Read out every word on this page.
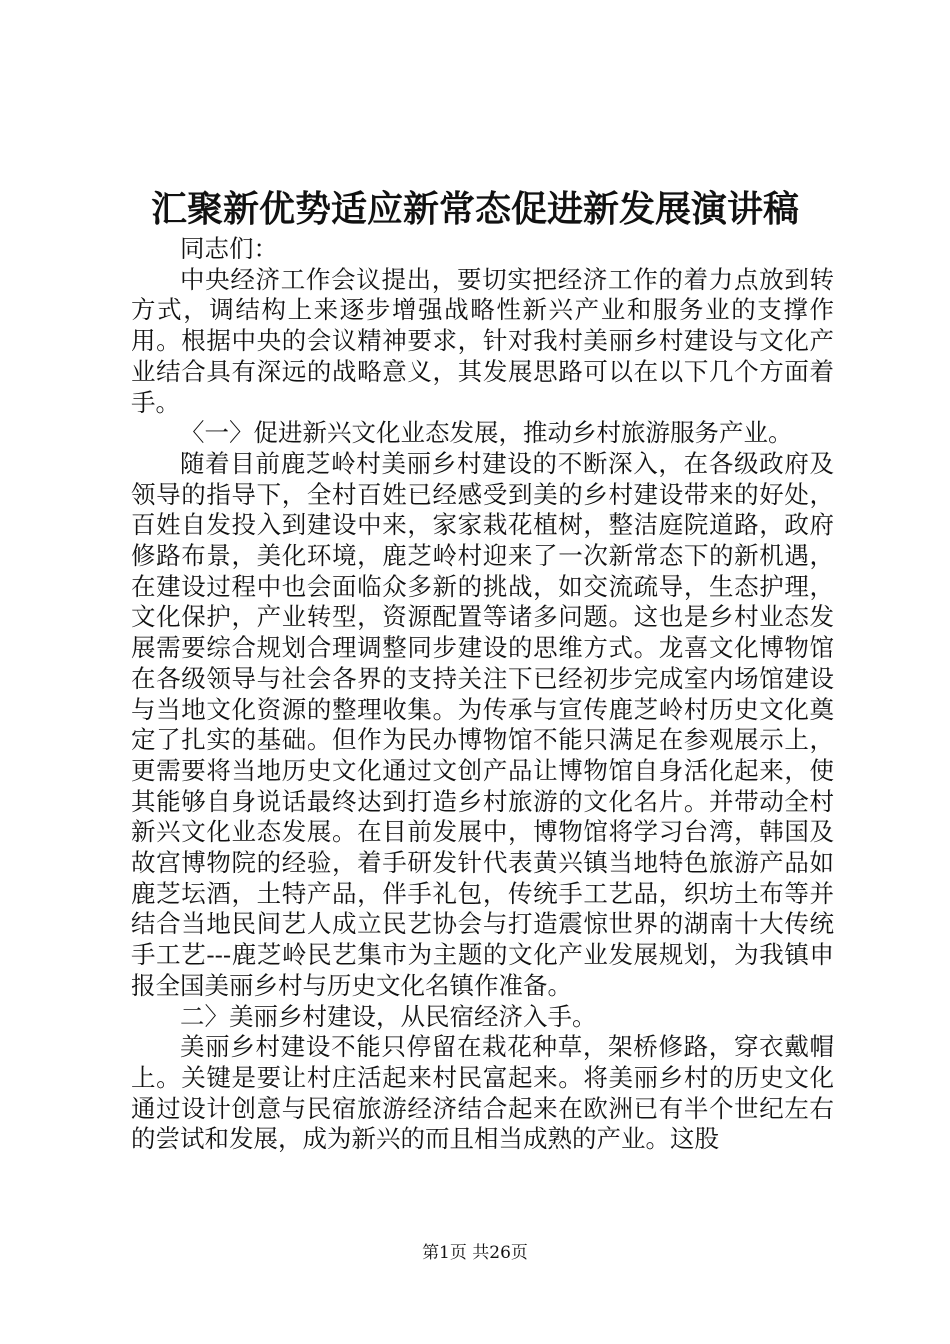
汇聚新优势适应新常态促进新发展演讲稿

同志们：

中央经济工作会议提出，要切实把经济工作的着力点放到转方式，调结构上来逐步增强战略性新兴产业和服务业的支撑作用。根据中央的会议精神要求，针对我村美丽乡村建设与文化产业结合具有深远的战略意义，其发展思路可以在以下几个方面着手。

〈一〉促进新兴文化业态发展，推动乡村旅游服务产业。

随着目前鹿芝岭村美丽乡村建设的不断深入，在各级政府及领导的指导下，全村百姓已经感受到美的乡村建设带来的好处，百姓自发投入到建设中来，家家栽花植树，整洁庭院道路，政府修路布景，美化环境，鹿芝岭村迎来了一次新常态下的新机遇，在建设过程中也会面临众多新的挑战，如交流疏导，生态护理，文化保护，产业转型，资源配置等诸多问题。这也是乡村业态发展需要综合规划合理调整同步建设的思维方式。龙喜文化博物馆在各级领导与社会各界的支持关注下已经初步完成室内场馆建设与当地文化资源的整理收集。为传承与宣传鹿芝岭村历史文化奠定了扎实的基础。但作为民办博物馆不能只满足在参观展示上，更需要将当地历史文化通过文创产品让博物馆自身活化起来，使其能够自身说话最终达到打造乡村旅游的文化名片。并带动全村新兴文化业态发展。在目前发展中，博物馆将学习台湾，韩国及故宫博物院的经验，着手研发针代表黄兴镇当地特色旅游产品如鹿芝坛酒，土特产品，伴手礼包，传统手工艺品，织坊土布等并结合当地民间艺人成立民艺协会与打造震惊世界的湖南十大传统手工艺---鹿芝岭民艺集市为主题的文化产业发展规划，为我镇申报全国美丽乡村与历史文化名镇作准备。

二〉美丽乡村建设，从民宿经济入手。

美丽乡村建设不能只停留在栽花种草，架桥修路，穿衣戴帽上。关键是要让村庄活起来村民富起来。将美丽乡村的历史文化通过设计创意与民宿旅游经济结合起来在欧洲已有半个世纪左右的尝试和发展，成为新兴的而且相当成熟的产业。这股

第1页 共26页
